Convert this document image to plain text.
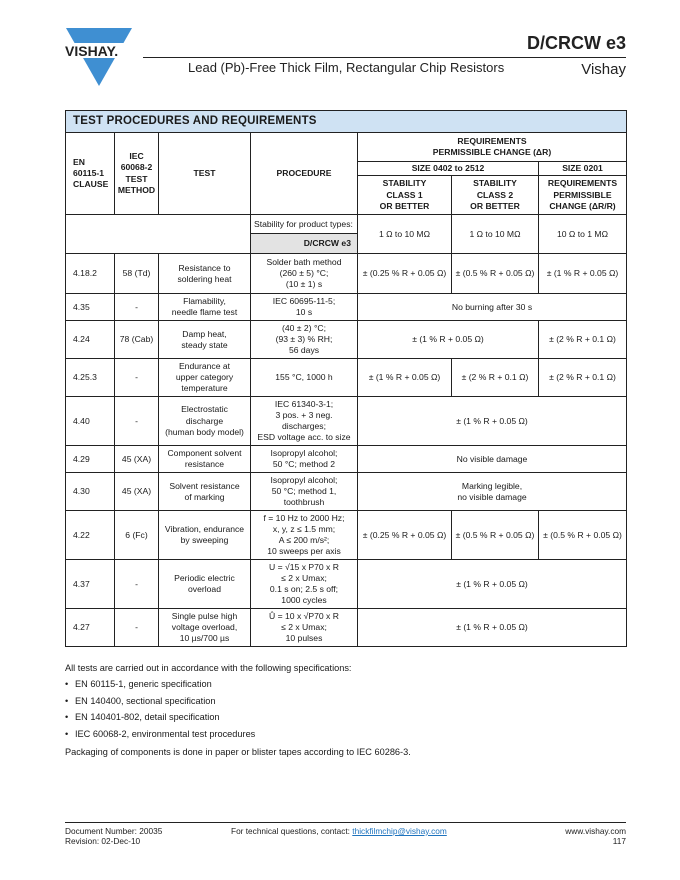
VISHAY.	D/CRCW e3
Lead (Pb)-Free Thick Film, Rectangular Chip Resistors	Vishay
TEST PROCEDURES AND REQUIREMENTS						
EN
60115-1
CLAUSE	IEC
60068-2
TEST
METHOD	TEST	PROCEDURE	REQUIREMENTS
PERMISSIBLE CHANGE (ΔR)		
				SIZE 0402 to 2512		SIZE 0201
				STABILITY
CLASS 1
OR BETTER	STABILITY
CLASS 2
OR BETTER	REQUIREMENTS
PERMISSIBLE
CHANGE (ΔR/R)
			Stability for product types:	1 Ω to 10 MΩ	1 Ω to 10 MΩ	10 Ω to 1 MΩ
			D/CRCW e3			
4.18.2	58 (Td)	Resistance to
soldering heat	Solder bath method
(260 ± 5) °C;
(10 ± 1) s	± (0.25 % R + 0.05 Ω)	± (0.5 % R + 0.05 Ω)	± (1 % R + 0.05 Ω)
4.35	-	Flamability,
needle flame test	IEC 60695-11-5;
10 s	No burning after 30 s		
4.24	78 (Cab)	Damp heat,
steady state	(40 ± 2) °C;
(93 ± 3) % RH;
56 days	± (1 % R + 0.05 Ω)		± (2 % R + 0.1 Ω)
4.25.3	-	Endurance at
upper category
temperature	155 °C, 1000 h	± (1 % R + 0.05 Ω)	± (2 % R + 0.1 Ω)	± (2 % R + 0.1 Ω)
4.40	-	Electrostatic
discharge
(human body model)	IEC 61340-3-1;
3 pos. + 3 neg.
discharges;
ESD voltage acc. to size	± (1 % R + 0.05 Ω)		
4.29	45 (XA)	Component solvent
resistance	Isopropyl alcohol;
50 °C; method 2	No visible damage		
4.30	45 (XA)	Solvent resistance
of marking	Isopropyl alcohol;
50 °C; method 1,
toothbrush	Marking legible,
no visible damage		
4.22	6 (Fc)	Vibration, endurance
by sweeping	f = 10 Hz to 2000 Hz;
x, y, z ≤ 1.5 mm;
A ≤ 200 m/s²;
10 sweeps per axis	± (0.25 % R + 0.05 Ω)	± (0.5 % R + 0.05 Ω)	± (0.5 % R + 0.05 Ω)
4.37	-	Periodic electric
overload	U = √15 x P70 x R
≤ 2 x Umax;
0.1 s on; 2.5 s off;
1000 cycles	± (1 % R + 0.05 Ω)		
4.27	-	Single pulse high
voltage overload,
10 µs/700 µs	Û = 10 x √P70 x R
≤ 2 x Umax;
10 pulses	± (1 % R + 0.05 Ω)		

All tests are carried out in accordance with the following specifications:

• EN 60115-1, generic specification
• EN 140400, sectional specification
• EN 140401-802, detail specification
• IEC 60068-2, environmental test procedures

Packaging of components is done in paper or blister tapes according to IEC 60286-3.

Document Number: 20035
Revision: 02-Dec-10
For technical questions, contact: thickfilmchip@vishay.com	www.vishay.com
117
